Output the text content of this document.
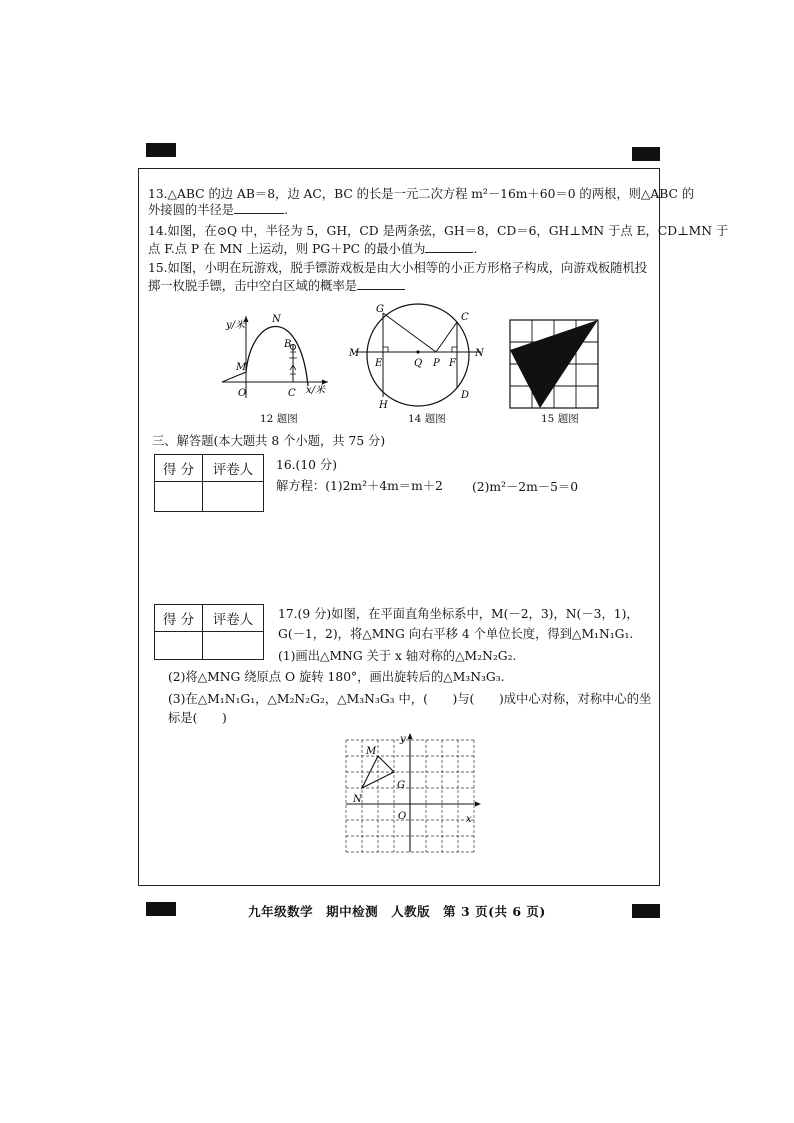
13.△ABC 的边 AB＝8，边 AC，BC 的长是一元二次方程 m²－16m＋60＝0 的两根，则△ABC 的
外接圆的半径是	.
14.如图，在⊙Q 中，半径为 5，GH，CD 是两条弦，GH＝8，CD＝6，GH⊥MN 于点 E，CD⊥MN 于
点 F.点 P 在 MN 上运动，则 PG＋PC 的最小值为	.
15.如图，小明在玩游戏，脱手镖游戏板是由大小相等的小正方形格子构成，向游戏板随机投
掷一枚脱手镖，击中空白区域的概率是
y/米
x/米
N
B
M
O	C
12 题图
G
C
M	N
E	Q P F
H
D
14 题图	15 题图
三、解答题(本大题共 8 个小题，共 75 分)
得 分	评卷人
	16.(10 分)
解方程：(1)2m²＋4m＝m＋2 (2)m²－2m－5＝0
得 分	评卷人
	17.(9 分)如图，在平面直角坐标系中，M(－2，3)，N(－3，1)，
G(－1，2)，将△MNG 向右平移 4 个单位长度，得到△M₁N₁G₁.
(1)画出△MNG 关于 x 轴对称的△M₂N₂G₂.
(2)将△MNG 绕原点 O 旋转 180°，画出旋转后的△M₃N₃G₃.
(3)在△M₁N₁G₁，△M₂N₂G₂，△M₃N₃G₃ 中，(　　)与(　　)成中心对称，对称中心的坐
标是(　　)
y
x
O
M
N
G
九年级数学　期中检测　人教版　第 3 页(共 6 页)
